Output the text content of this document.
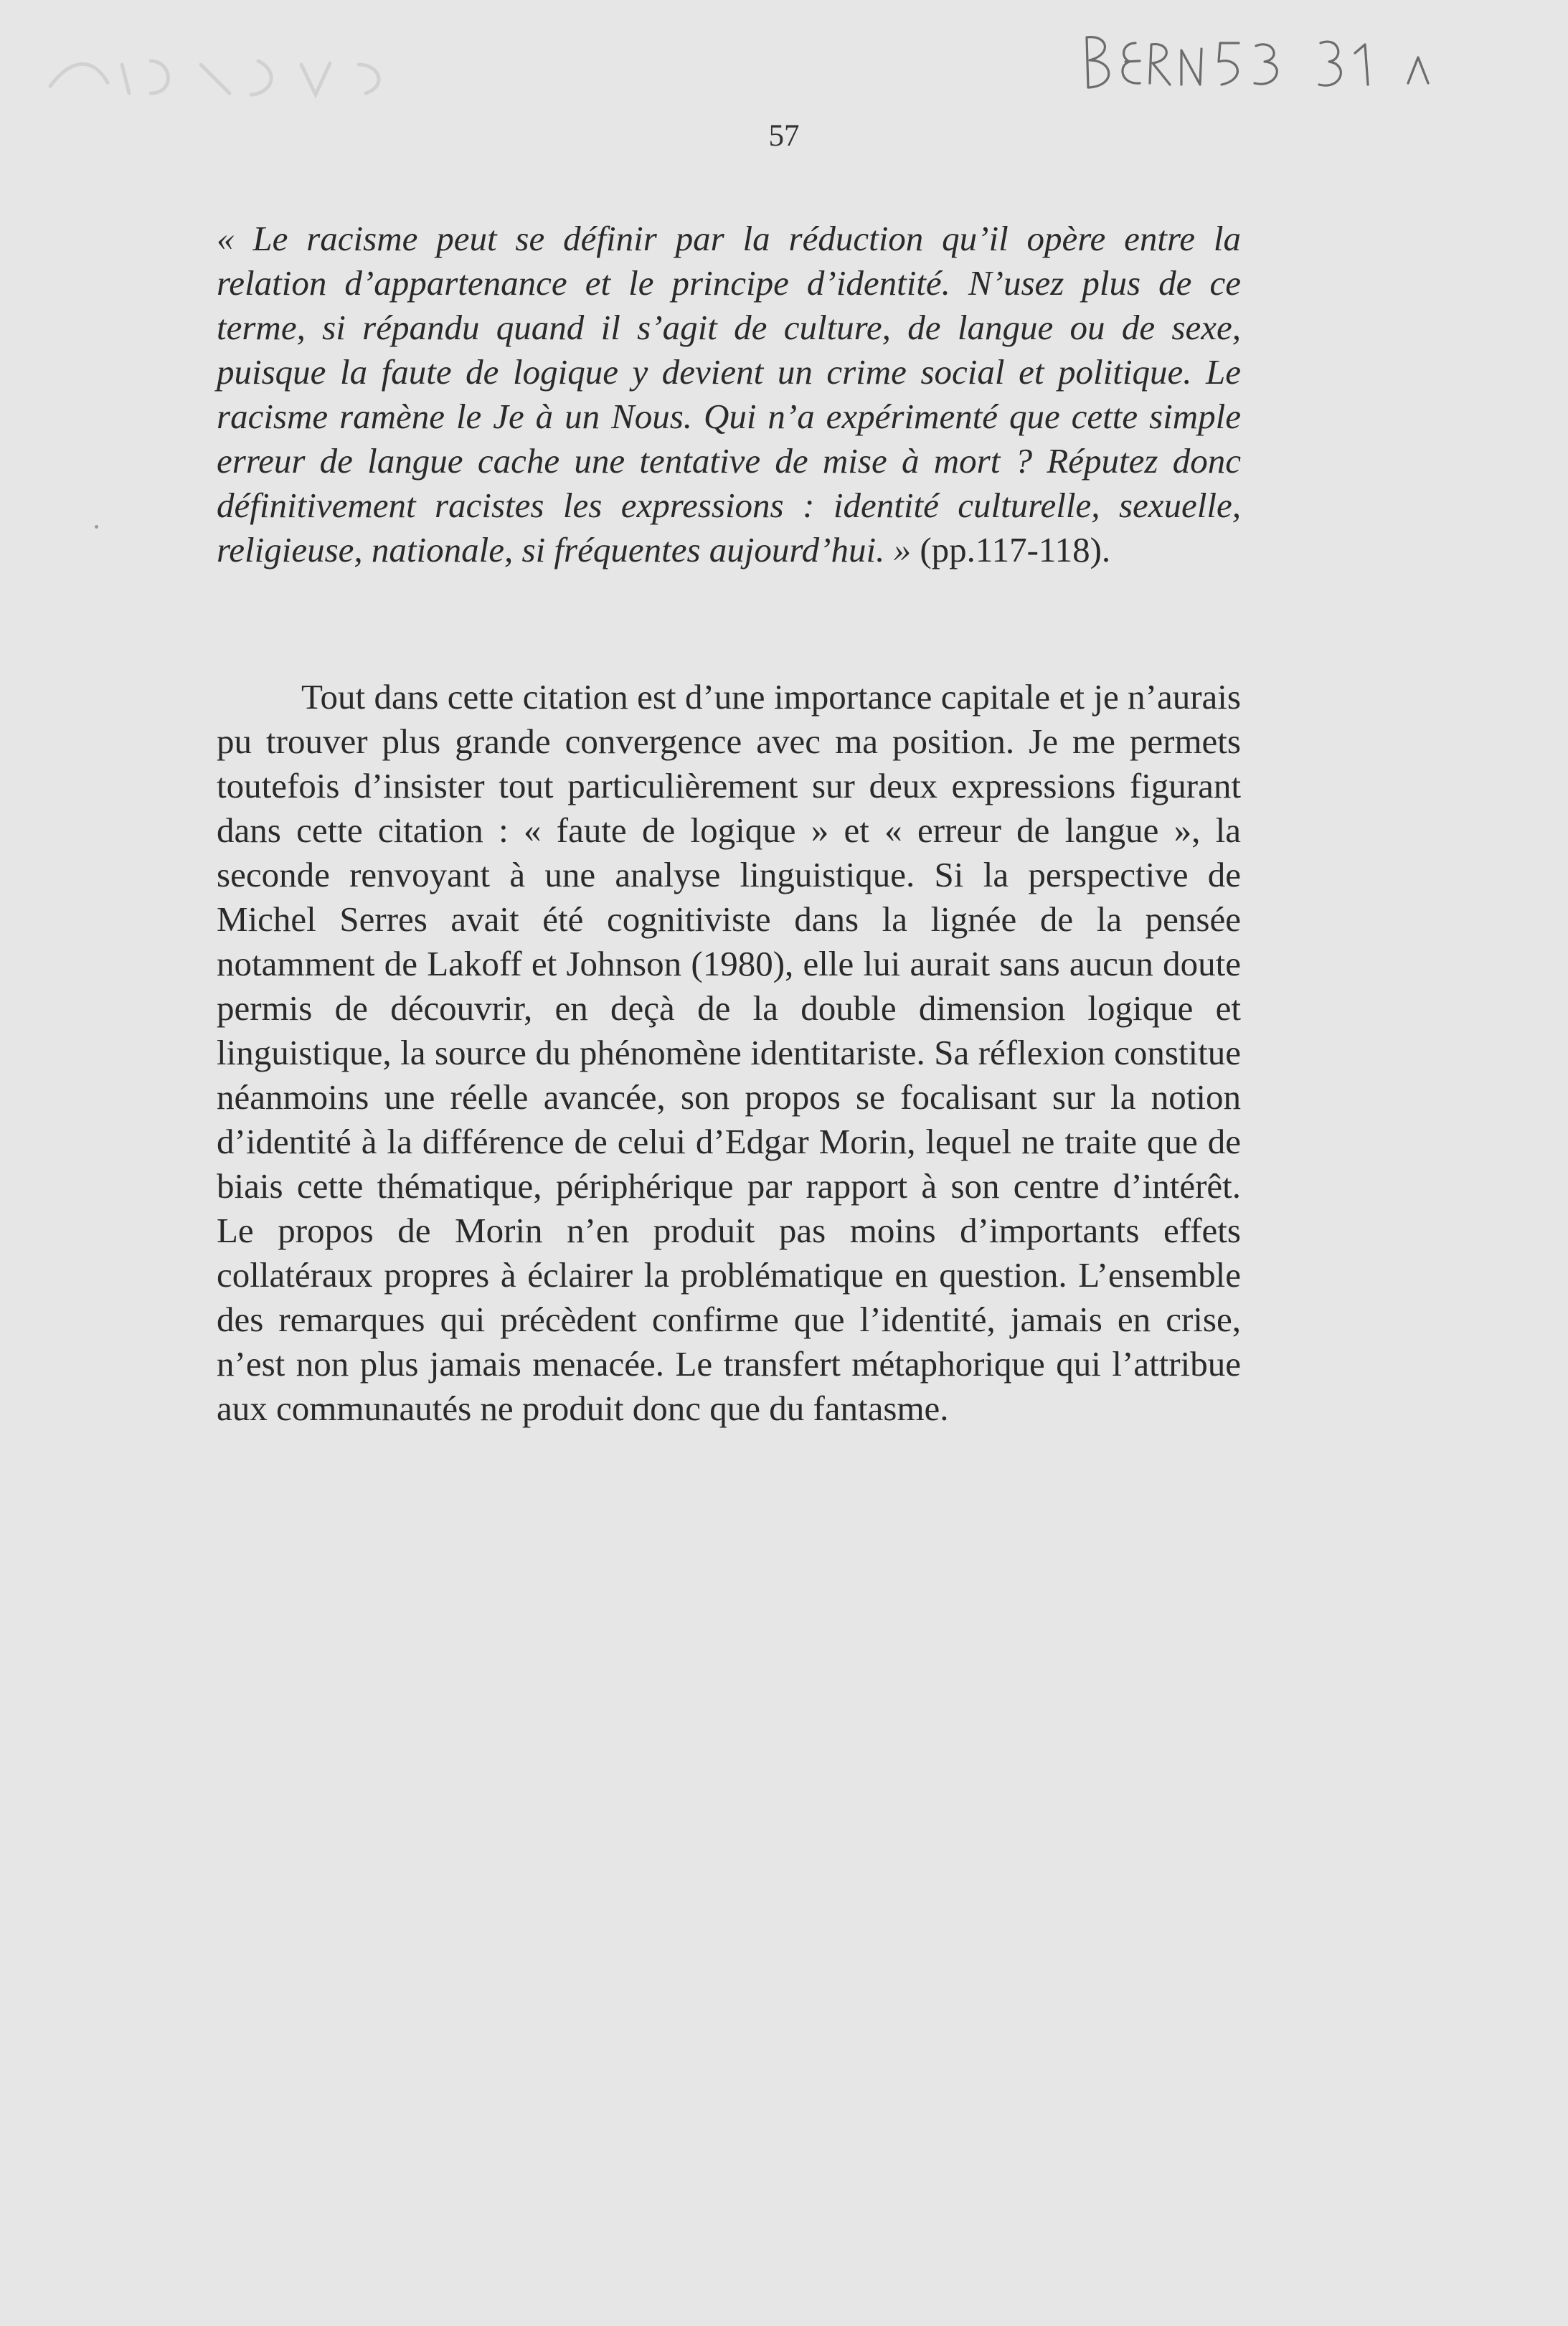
57
« Le racisme peut se définir par la réduction qu’il opère entre la relation d’appartenance et le principe d’identité. N’usez plus de ce terme, si répandu quand il s’agit de culture, de langue ou de sexe, puisque la faute de logique y devient un crime social et politique. Le racisme ramène le Je à un Nous. Qui n’a expérimenté que cette simple erreur de langue cache une tentative de mise à mort ? Réputez donc définitivement racistes les expressions : identité culturelle, sexuelle, religieuse, nationale, si fréquentes aujourd’hui. » (pp.117-118).
Tout dans cette citation est d’une importance capitale et je n’aurais pu trouver plus grande convergence avec ma position. Je me permets toutefois d’insister tout particulièrement sur deux expressions figurant dans cette citation : « faute de logique » et « erreur de langue », la seconde renvoyant à une analyse linguistique. Si la perspective de Michel Serres avait été cognitiviste dans la lignée de la pensée notamment de Lakoff et Johnson (1980), elle lui aurait sans aucun doute permis de découvrir, en deçà de la double dimension logique et linguistique, la source du phénomène identitariste. Sa réflexion constitue néanmoins une réelle avancée, son propos se focalisant sur la notion d’identité à la différence de celui d’Edgar Morin, lequel ne traite que de biais cette thématique, périphérique par rapport à son centre d’intérêt. Le propos de Morin n’en produit pas moins d’importants effets collatéraux propres à éclairer la problématique en question. L’ensemble des remarques qui précèdent confirme que l’identité, jamais en crise, n’est non plus jamais menacée. Le transfert métaphorique qui l’attribue aux communautés ne produit donc que du fantasme.
